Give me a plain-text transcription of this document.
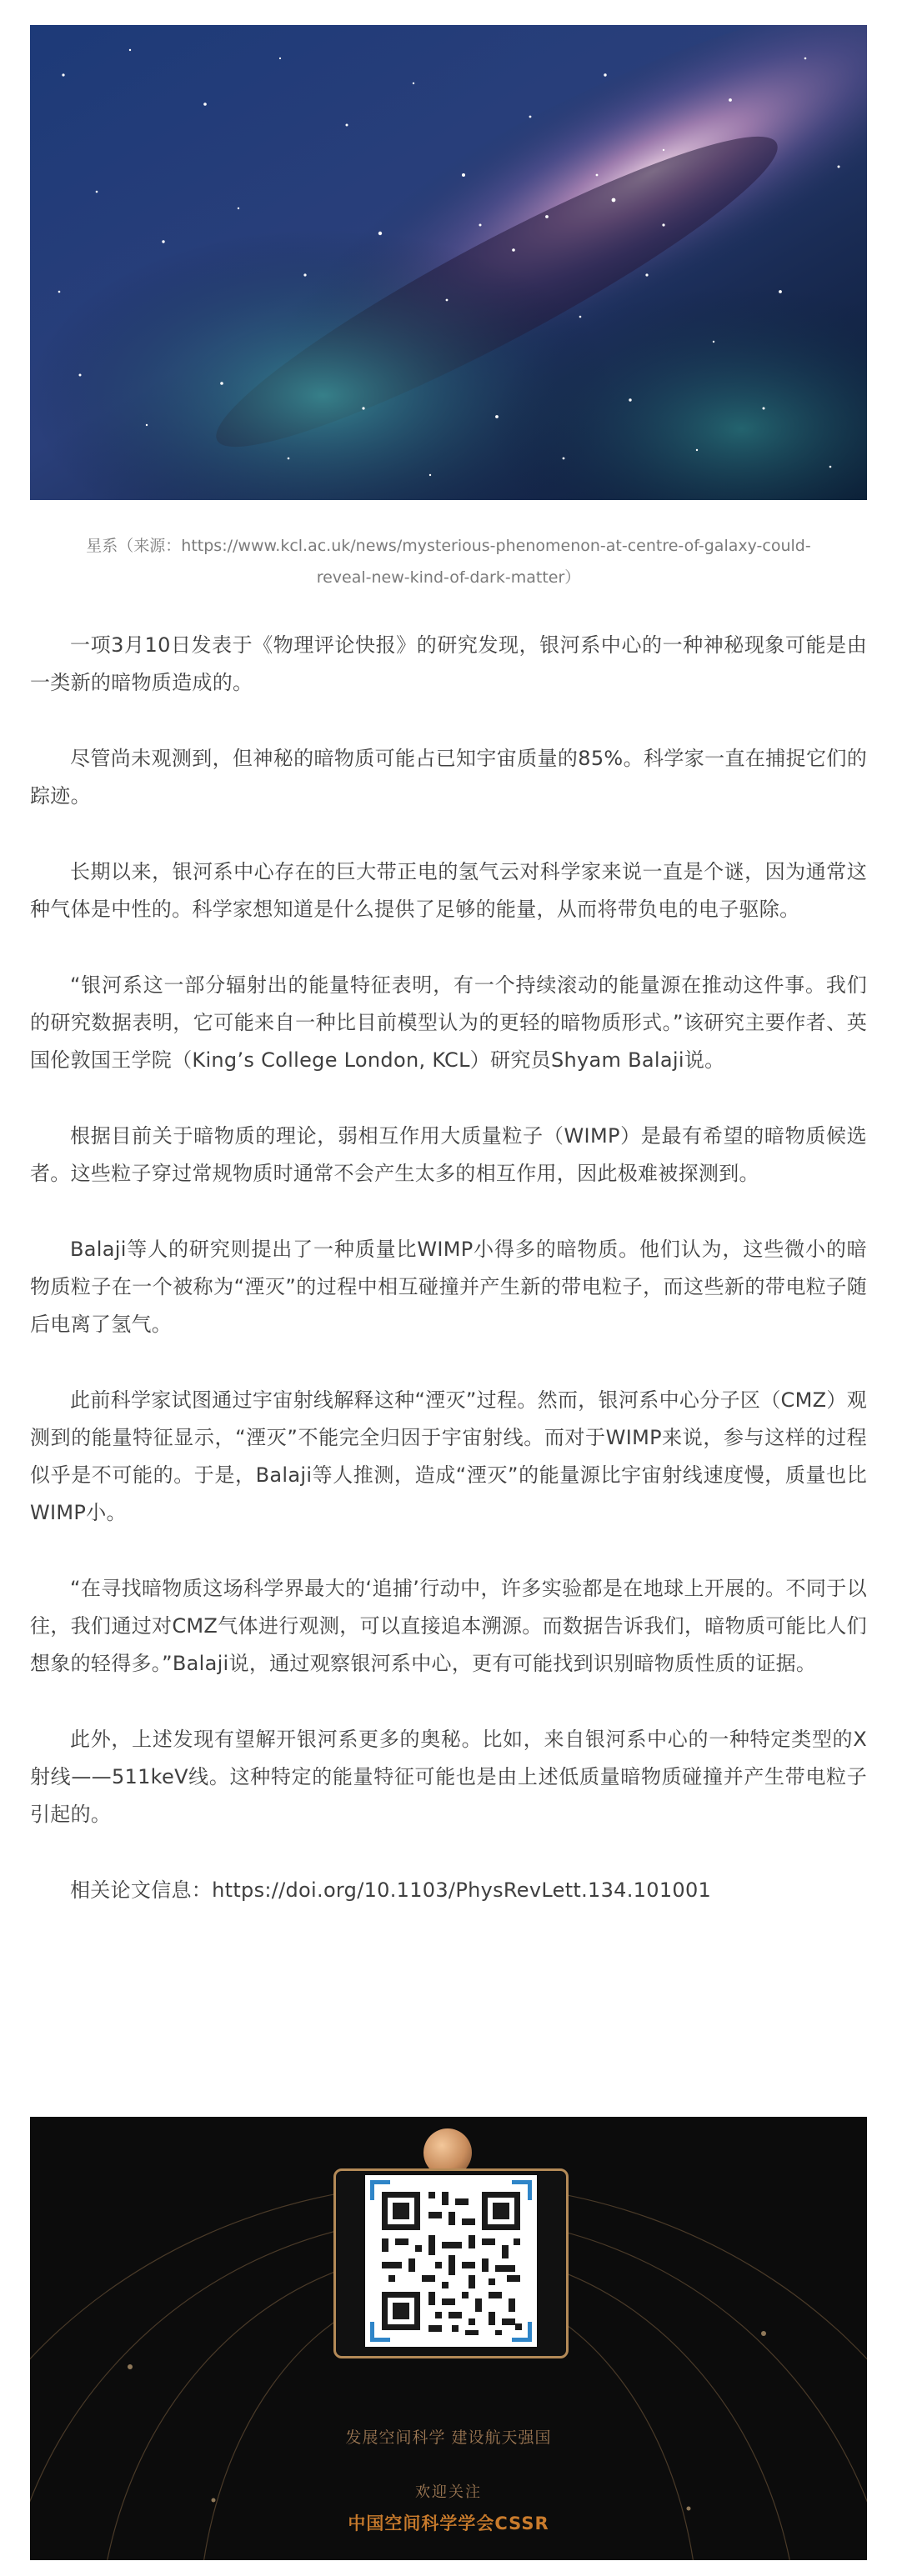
星系（来源：https://www.kcl.ac.uk/news/mysterious-phenomenon-at-centre-of-galaxy-could-
reveal-new-kind-of-dark-matter）

一项3月10日发表于《物理评论快报》的研究发现，银河系中心的一种神秘现象可能是由一类新的暗物质造成的。

尽管尚未观测到，但神秘的暗物质可能占已知宇宙质量的85%。科学家一直在捕捉它们的踪迹。

长期以来，银河系中心存在的巨大带正电的氢气云对科学家来说一直是个谜，因为通常这种气体是中性的。科学家想知道是什么提供了足够的能量，从而将带负电的电子驱除。

“银河系这一部分辐射出的能量特征表明，有一个持续滚动的能量源在推动这件事。我们的研究数据表明，它可能来自一种比目前模型认为的更轻的暗物质形式。”该研究主要作者、英国伦敦国王学院（King’s College London, KCL）研究员Shyam Balaji说。

根据目前关于暗物质的理论，弱相互作用大质量粒子（WIMP）是最有希望的暗物质候选者。这些粒子穿过常规物质时通常不会产生太多的相互作用，因此极难被探测到。

Balaji等人的研究则提出了一种质量比WIMP小得多的暗物质。他们认为，这些微小的暗物质粒子在一个被称为“湮灭”的过程中相互碰撞并产生新的带电粒子，而这些新的带电粒子随后电离了氢气。

此前科学家试图通过宇宙射线解释这种“湮灭”过程。然而，银河系中心分子区（CMZ）观测到的能量特征显示，“湮灭”不能完全归因于宇宙射线。而对于WIMP来说，参与这样的过程似乎是不可能的。于是，Balaji等人推测，造成“湮灭”的能量源比宇宙射线速度慢，质量也比WIMP小。

“在寻找暗物质这场科学界最大的‘追捕’行动中，许多实验都是在地球上开展的。不同于以往，我们通过对CMZ气体进行观测，可以直接追本溯源。而数据告诉我们，暗物质可能比人们想象的轻得多。”Balaji说，通过观察银河系中心，更有可能找到识别暗物质性质的证据。

此外，上述发现有望解开银河系更多的奥秘。比如，来自银河系中心的一种特定类型的X射线——511keV线。这种特定的能量特征可能也是由上述低质量暗物质碰撞并产生带电粒子引起的。

相关论文信息：https://doi.org/10.1103/PhysRevLett.134.101001

发展空间科学 建设航天强国
欢迎关注
中国空间科学学会CSSR
